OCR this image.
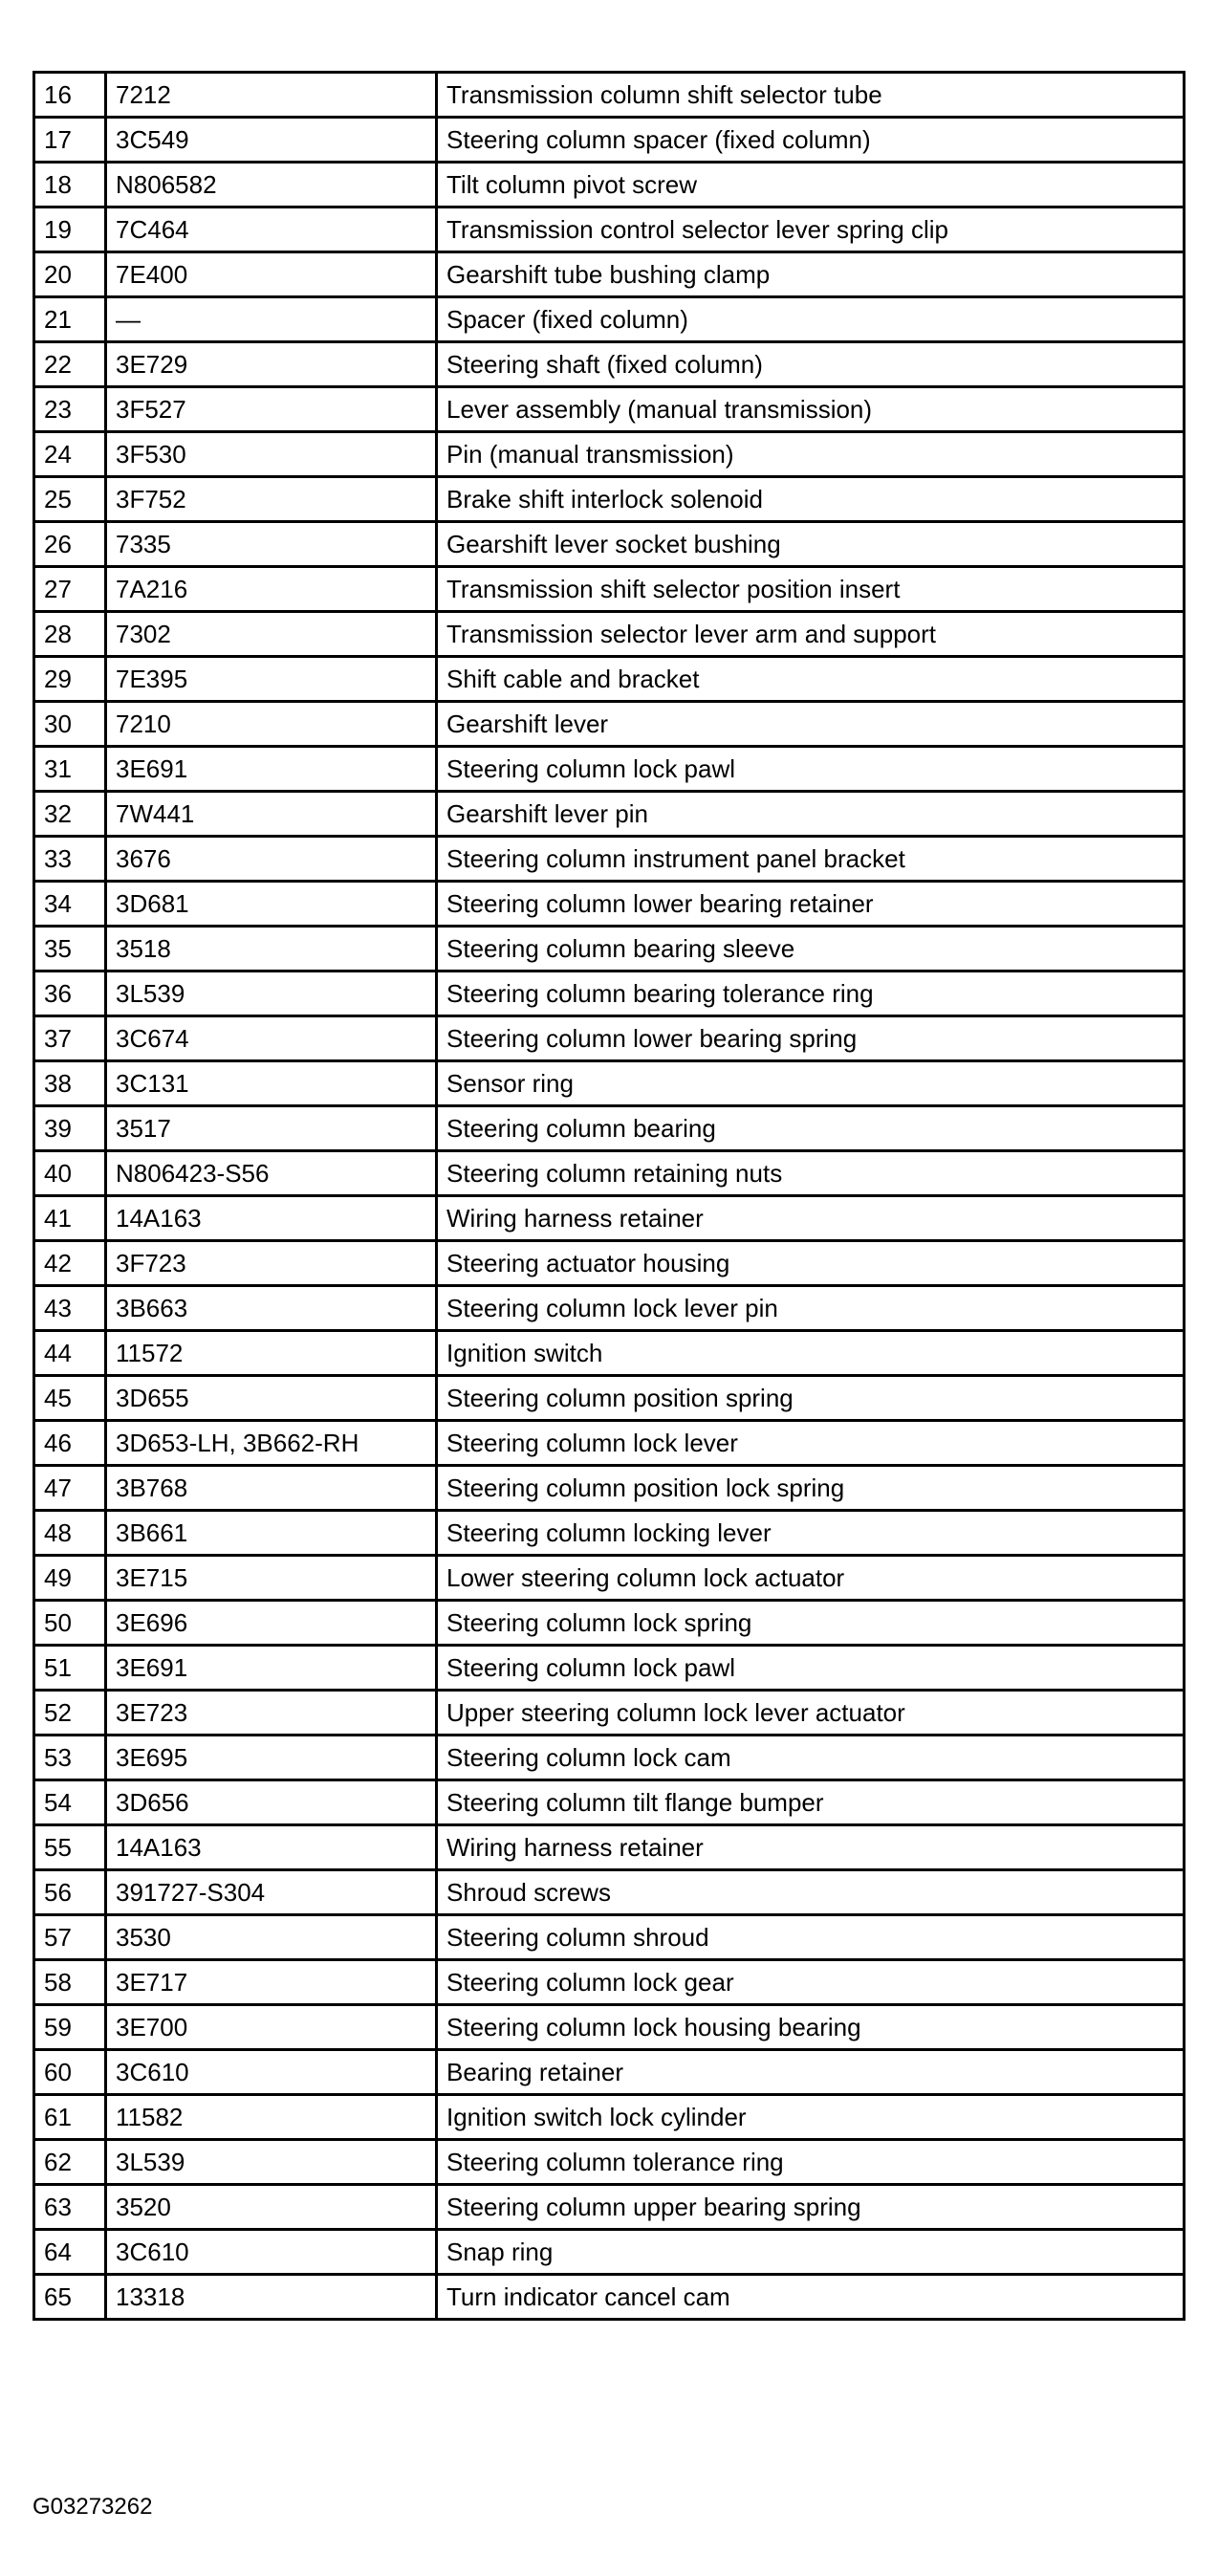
16	7212	Transmission column shift selector tube
17	3C549	Steering column spacer (fixed column)
18	N806582	Tilt column pivot screw
19	7C464	Transmission control selector lever spring clip
20	7E400	Gearshift tube bushing clamp
21	—	Spacer (fixed column)
22	3E729	Steering shaft (fixed column)
23	3F527	Lever assembly (manual transmission)
24	3F530	Pin (manual transmission)
25	3F752	Brake shift interlock solenoid
26	7335	Gearshift lever socket bushing
27	7A216	Transmission shift selector position insert
28	7302	Transmission selector lever arm and support
29	7E395	Shift cable and bracket
30	7210	Gearshift lever
31	3E691	Steering column lock pawl
32	7W441	Gearshift lever pin
33	3676	Steering column instrument panel bracket
34	3D681	Steering column lower bearing retainer
35	3518	Steering column bearing sleeve
36	3L539	Steering column bearing tolerance ring
37	3C674	Steering column lower bearing spring
38	3C131	Sensor ring
39	3517	Steering column bearing
40	N806423-S56	Steering column retaining nuts
41	14A163	Wiring harness retainer
42	3F723	Steering actuator housing
43	3B663	Steering column lock lever pin
44	11572	Ignition switch
45	3D655	Steering column position spring
46	3D653-LH, 3B662-RH	Steering column lock lever
47	3B768	Steering column position lock spring
48	3B661	Steering column locking lever
49	3E715	Lower steering column lock actuator
50	3E696	Steering column lock spring
51	3E691	Steering column lock pawl
52	3E723	Upper steering column lock lever actuator
53	3E695	Steering column lock cam
54	3D656	Steering column tilt flange bumper
55	14A163	Wiring harness retainer
56	391727-S304	Shroud screws
57	3530	Steering column shroud
58	3E717	Steering column lock gear
59	3E700	Steering column lock housing bearing
60	3C610	Bearing retainer
61	11582	Ignition switch lock cylinder
62	3L539	Steering column tolerance ring
63	3520	Steering column upper bearing spring
64	3C610	Snap ring
65	13318	Turn indicator cancel cam
G03273262
